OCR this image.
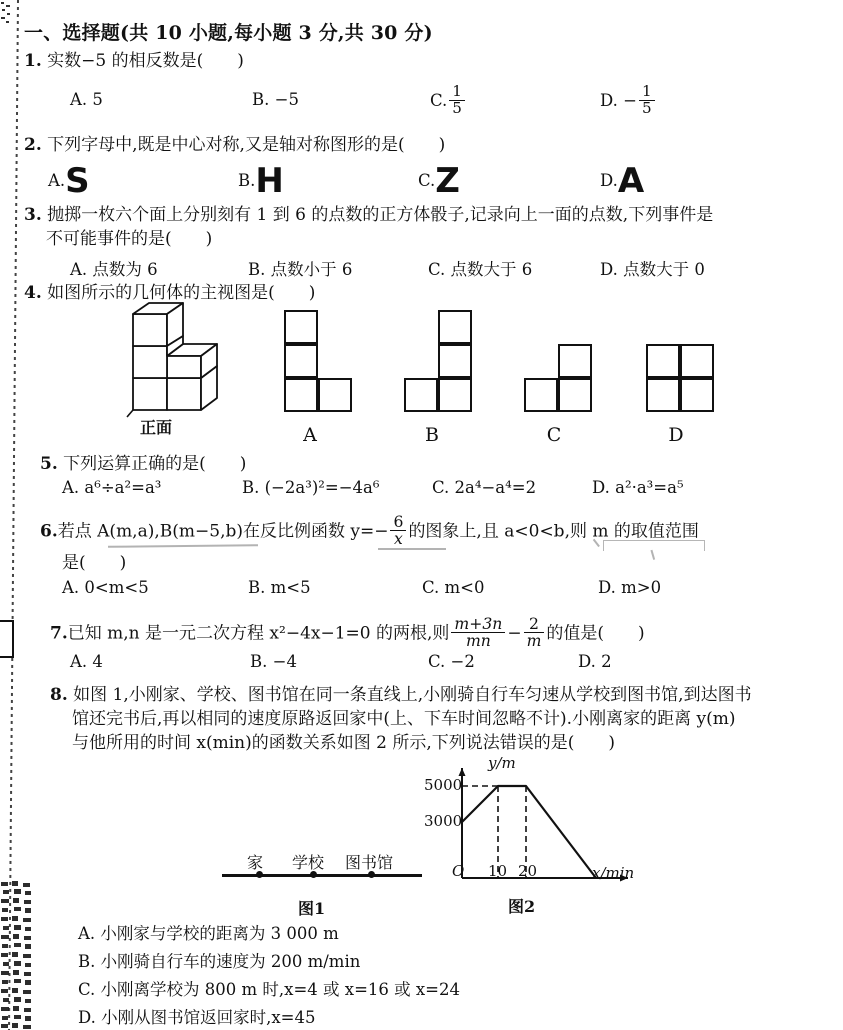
一、选择题(共 10 小题,每小题 3 分,共 30 分)
1. 实数−5 的相反数是(　　)
A. 5	B. −5	C. $\frac{1}{5}$	D. − $\frac{1}{5}$
2. 下列字母中,既是中心对称,又是轴对称图形的是(　　)
A.S	B.H	C.Z	D.A
3. 抛掷一枚六个面上分别刻有 1 到 6 的点数的正方体骰子,记录向上一面的点数,下列事件是
不可能事件的是(　　)
A. 点数为 6	B. 点数小于 6	C. 点数大于 6	D. 点数大于 0
4. 如图所示的几何体的主视图是(　　)
正面	A	B	C	D
5. 下列运算正确的是(　　)
A. a⁶÷a²=a³	B. (−2a³)²=−4a⁶	C. 2a⁴−a⁴=2	D. a²·a³=a⁵
6.若点 A(m,a),B(m−5,b)在反比例函数 $y=- \frac{6}{x}$ 的图象上,且 a<0<b,则 m 的取值范围
是(　　)
A. 0<m<5	B. m<5	C. m<0	D. m>0
7.已知 m,n 是一元二次方程 x²−4x−1=0 的两根,则 $\frac{m+3n}{mn} - \frac{2}{m}$ 的值是(　　)
A. 4	B. −4	C. −2	D. 2
8. 如图 1,小刚家、学校、图书馆在同一条直线上,小刚骑自行车匀速从学校到图书馆,到达图书
馆还完书后,再以相同的速度原路返回家中(上、下车时间忽略不计).小刚离家的距离 y(m)
与他所用的时间 x(min)的函数关系如图 2 所示,下列说法错误的是(　　)
家 学校 图书馆
图1
y/m
x/min
O
5000
3000
10 20
图2
A. 小刚家与学校的距离为 3 000 m
B. 小刚骑自行车的速度为 200 m/min
C. 小刚离学校为 800 m 时,x=4 或 x=16 或 x=24
D. 小刚从图书馆返回家时,x=45
